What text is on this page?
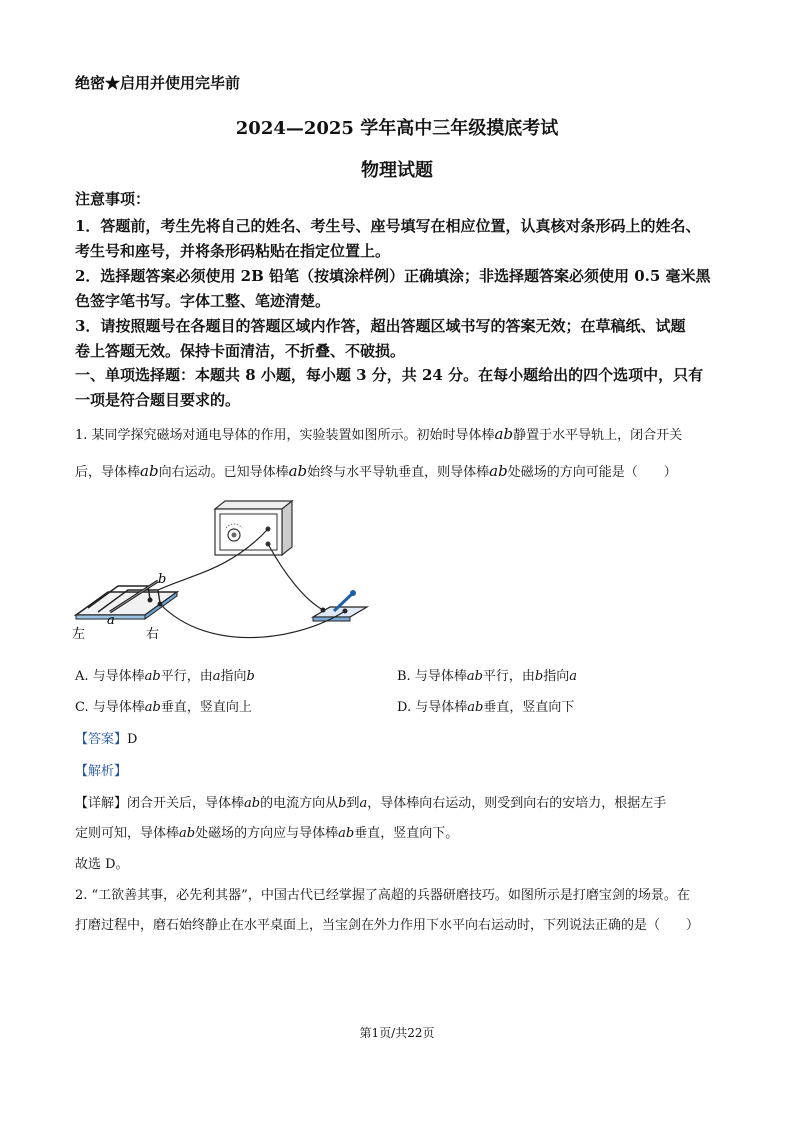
绝密★启用并使用完毕前
2024—2025 学年高中三年级摸底考试
物理试题
注意事项：
1．答题前，考生先将自己的姓名、考生号、座号填写在相应位置，认真核对条形码上的姓名、
考生号和座号，并将条形码粘贴在指定位置上。
2．选择题答案必须使用 2B 铅笔（按填涂样例）正确填涂；非选择题答案必须使用 0.5 毫米黑
色签字笔书写。字体工整、笔迹清楚。
3．请按照题号在各题目的答题区域内作答，超出答题区域书写的答案无效；在草稿纸、试题
卷上答题无效。保持卡面清洁，不折叠、不破损。
一、单项选择题：本题共 8 小题，每小题 3 分，共 24 分。在每小题给出的四个选项中，只有
一项是符合题目要求的。
1. 某同学探究磁场对通电导体的作用，实验装置如图所示。初始时导体棒ab静置于水平导轨上，闭合开关
后，导体棒ab向右运动。已知导体棒ab始终与水平导轨垂直，则导体棒ab处磁场的方向可能是（　　）
b
a
左	右
A. 与导体棒ab平行，由a指向b	B. 与导体棒ab平行，由b指向a
C. 与导体棒ab垂直，竖直向上	D. 与导体棒ab垂直，竖直向下
【答案】D
【解析】
【详解】闭合开关后，导体棒ab的电流方向从b到a，导体棒向右运动，则受到向右的安培力，根据左手
定则可知，导体棒ab处磁场的方向应与导体棒ab垂直，竖直向下。
故选 D。
2. “工欲善其事，必先利其器”，中国古代已经掌握了高超的兵器研磨技巧。如图所示是打磨宝剑的场景。在
打磨过程中，磨石始终静止在水平桌面上，当宝剑在外力作用下水平向右运动时，下列说法正确的是（　　）
第1页/共22页
